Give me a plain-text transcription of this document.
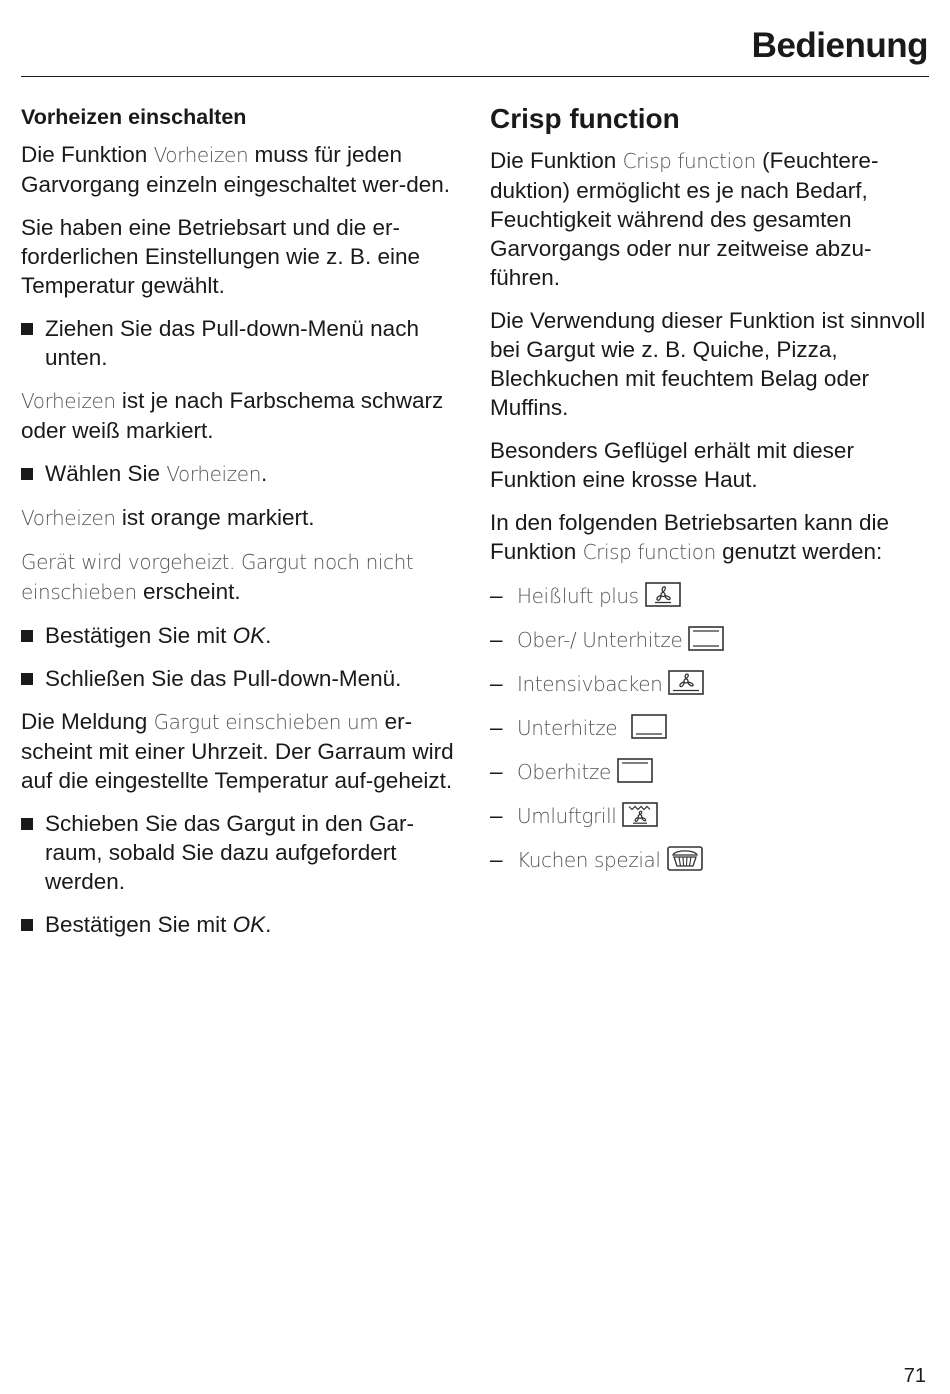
Bedienung
Vorheizen einschalten

Die Funktion Vorheizen muss für jeden Garvorgang einzeln eingeschaltet wer-den.

Sie haben eine Betriebsart und die er-forderlichen Einstellungen wie z. B. eine Temperatur gewählt.

Ziehen Sie das Pull-down-Menü nach unten.

Vorheizen ist je nach Farbschema schwarz oder weiß markiert.

Wählen Sie Vorheizen.

Vorheizen ist orange markiert.

Gerät wird vorgeheizt. Gargut noch nicht einschieben erscheint.

Bestätigen Sie mit OK.

Schließen Sie das Pull-down-Menü.

Die Meldung Gargut einschieben um er-scheint mit einer Uhrzeit. Der Garraum wird auf die eingestellte Temperatur auf-geheizt.

Schieben Sie das Gargut in den Gar-raum, sobald Sie dazu aufgefordert werden.

Bestätigen Sie mit OK.

Crisp function

Die Funktion Crisp function (Feuchtere-duktion) ermöglicht es je nach Bedarf, Feuchtigkeit während des gesamten Garvorgangs oder nur zeitweise abzu-führen.

Die Verwendung dieser Funktion ist sinnvoll bei Gargut wie z. B. Quiche, Pizza, Blechkuchen mit feuchtem Belag oder Muffins.

Besonders Geflügel erhält mit dieser Funktion eine krosse Haut.

In den folgenden Betriebsarten kann die Funktion Crisp function genutzt werden:

– Heißluft plus

– Ober-/ Unterhitze

– Intensivbacken

– Unterhitze

– Oberhitze

– Umluftgrill

– Kuchen spezial

71
